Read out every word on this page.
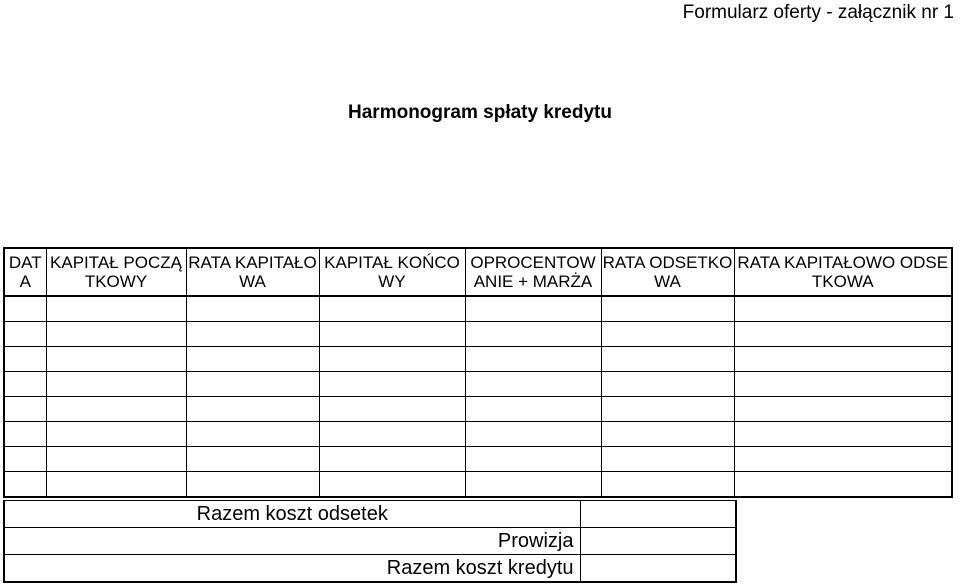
Formularz oferty - załącznik nr 1
Harmonogram spłaty kredytu
DAT A	KAPITAŁ POCZĄTKOWY	RATA KAPITAŁOWA	KAPITAŁ KOŃCOWY	OPROCENTOW ANIE + MARŻA	RATA ODSETKOWA	RATA KAPITAŁOWO ODSETKOWA

Razem koszt odsetek	
Prowizja	
Razem koszt kredytu	
